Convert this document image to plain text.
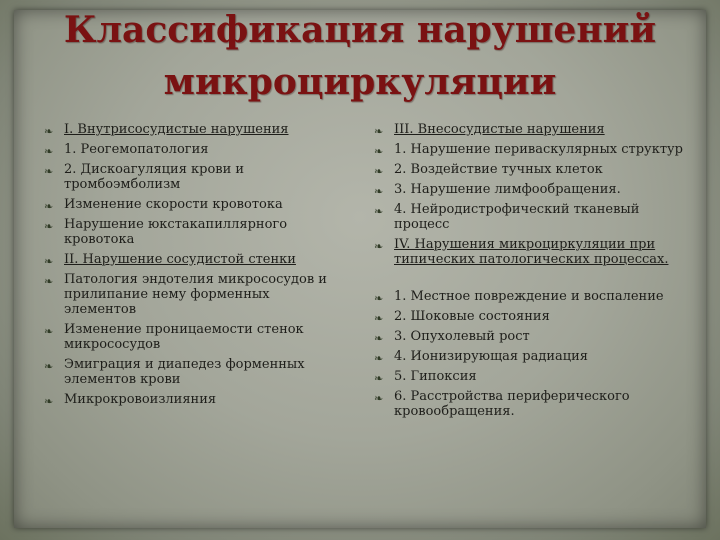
Классификация нарушений
микроциркуляции
❧ I. Внутрисосудистые нарушения
❧ 1. Реогемопатология
❧ 2. Дискоагуляция крови и тромбоэмболизм
❧ Изменение скорости кровотока
❧ Нарушение юкстакапиллярного кровотока
❧ II. Нарушение сосудистой стенки
❧ Патология эндотелия микрососудов и прилипание нему форменных элементов
❧ Изменение проницаемости стенок микрососудов
❧ Эмиграция и диапедез форменных элементов крови
❧ Микрокровоизлияния
❧ III. Внесосудистые нарушения
❧ 1. Нарушение периваскулярных структур
❧ 2. Воздействие тучных клеток
❧ 3. Нарушение лимфообращения.
❧ 4. Нейродистрофический тканевый процесс
❧ IV. Нарушения микроциркуляции при типических патологических процессах.
❧ 1. Местное повреждение и воспаление
❧ 2. Шоковые состояния
❧ 3. Опухолевый рост
❧ 4. Ионизирующая радиация
❧ 5. Гипоксия
❧ 6. Расстройства периферического кровообращения.
